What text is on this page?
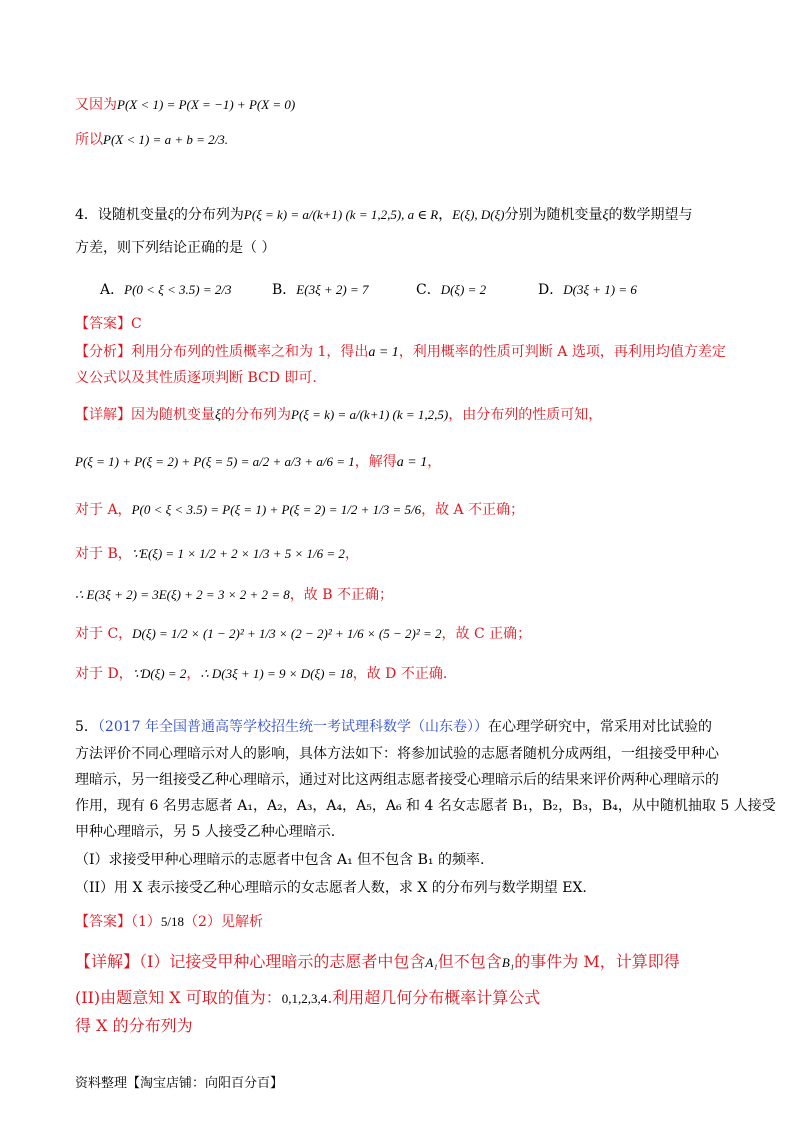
又因为P(X < 1) = P(X = −1) + P(X = 0)
所以P(X < 1) = a + b = 2/3.
4．设随机变量ξ的分布列为P(ξ = k) = a/(k+1) (k = 1,2,5), a ∈ R，E(ξ), D(ξ)分别为随机变量ξ的数学期望与
方差，则下列结论正确的是（ ）
A．P(0 < ξ < 3.5) = 2/3	B．E(3ξ + 2) = 7	C．D(ξ) = 2	D．D(3ξ + 1) = 6
【答案】C
【分析】利用分布列的性质概率之和为 1，得出a = 1，利用概率的性质可判断 A 选项，再利用均值方差定
义公式以及其性质逐项判断 BCD 即可.
【详解】因为随机变量ξ的分布列为P(ξ = k) = a/(k+1) (k = 1,2,5)，由分布列的性质可知，
P(ξ = 1) + P(ξ = 2) + P(ξ = 5) = a/2 + a/3 + a/6 = 1，解得a = 1，
对于 A，P(0 < ξ < 3.5) = P(ξ = 1) + P(ξ = 2) = 1/2 + 1/3 = 5/6，故 A 不正确；
对于 B，∵E(ξ) = 1 × 1/2 + 2 × 1/3 + 5 × 1/6 = 2，
∴ E(3ξ + 2) = 3E(ξ) + 2 = 3 × 2 + 2 = 8，故 B 不正确；
对于 C，D(ξ) = 1/2 × (1 − 2)² + 1/3 × (2 − 2)² + 1/6 × (5 − 2)² = 2，故 C 正确；
对于 D，∵D(ξ) = 2，∴ D(3ξ + 1) = 9 × D(ξ) = 18，故 D 不正确.
5．（2017 年全国普通高等学校招生统一考试理科数学（山东卷））在心理学研究中，常采用对比试验的
方法评价不同心理暗示对人的影响，具体方法如下：将参加试验的志愿者随机分成两组，一组接受甲种心
理暗示，另一组接受乙种心理暗示，通过对比这两组志愿者接受心理暗示后的结果来评价两种心理暗示的
作用，现有 6 名男志愿者 A₁，A₂，A₃，A₄，A₅，A₆ 和 4 名女志愿者 B₁，B₂，B₃，B₄，从中随机抽取 5 人接受
甲种心理暗示，另 5 人接受乙种心理暗示.
（I）求接受甲种心理暗示的志愿者中包含 A₁ 但不包含 B₁ 的频率.
（II）用 X 表示接受乙种心理暗示的女志愿者人数，求 X 的分布列与数学期望 EX.
【答案】（1）5/18（2）见解析
【详解】（I）记接受甲种心理暗示的志愿者中包含A₁但不包含B₁的事件为 M，计算即得
(II)由题意知 X 可取的值为：0,1,2,3,4.利用超几何分布概率计算公式
得 X 的分布列为
资料整理【淘宝店铺：向阳百分百】
